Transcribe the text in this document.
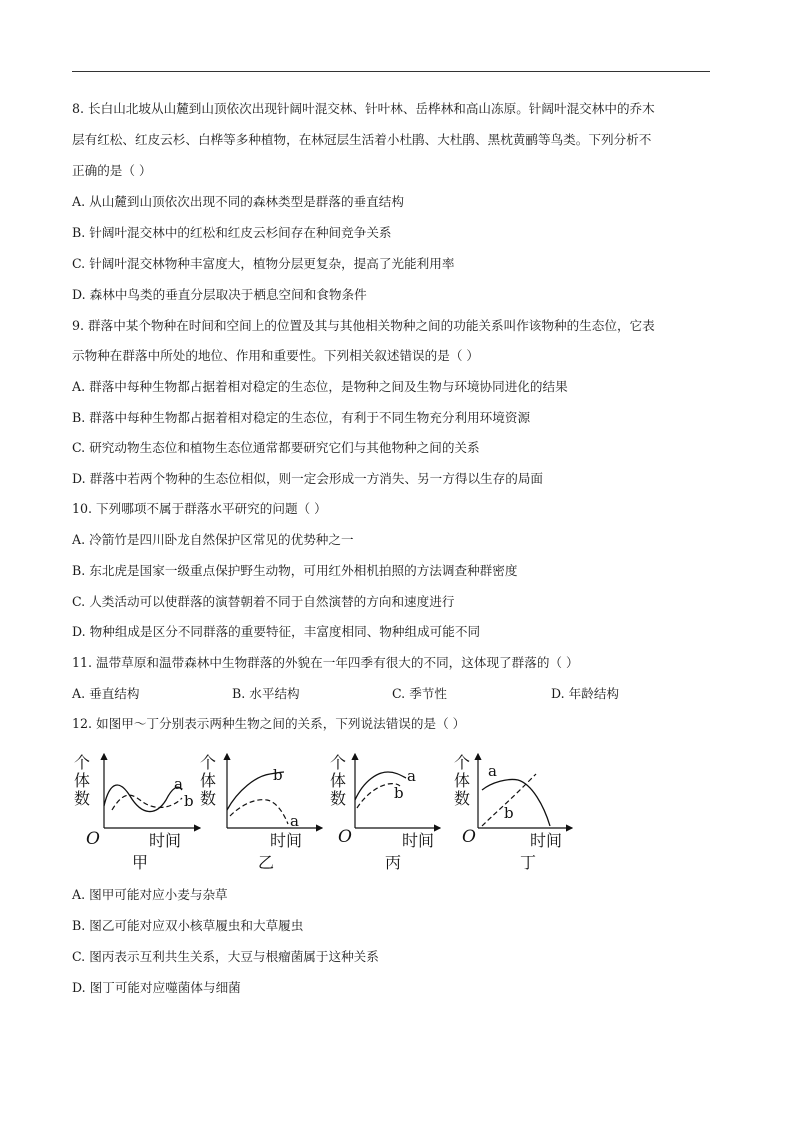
8. 长白山北坡从山麓到山顶依次出现针阔叶混交林、针叶林、岳桦林和高山冻原。针阔叶混交林中的乔木
层有红松、红皮云杉、白桦等多种植物，在林冠层生活着小杜鹃、大杜鹃、黑枕黄鹂等鸟类。下列分析不
正确的是（ ）
A. 从山麓到山顶依次出现不同的森林类型是群落的垂直结构
B. 针阔叶混交林中的红松和红皮云杉间存在种间竞争关系
C. 针阔叶混交林物种丰富度大，植物分层更复杂，提高了光能利用率
D. 森林中鸟类的垂直分层取决于栖息空间和食物条件
9. 群落中某个物种在时间和空间上的位置及其与其他相关物种之间的功能关系叫作该物种的生态位，它表
示物种在群落中所处的地位、作用和重要性。下列相关叙述错误的是（ ）
A. 群落中每种生物都占据着相对稳定的生态位，是物种之间及生物与环境协同进化的结果
B. 群落中每种生物都占据着相对稳定的生态位，有利于不同生物充分利用环境资源
C. 研究动物生态位和植物生态位通常都要研究它们与其他物种之间的关系
D. 群落中若两个物种的生态位相似，则一定会形成一方消失、另一方得以生存的局面
10. 下列哪项不属于群落水平研究的问题（ ）
A. 冷箭竹是四川卧龙自然保护区常见的优势种之一
B. 东北虎是国家一级重点保护野生动物，可用红外相机拍照的方法调查种群密度
C. 人类活动可以使群落的演替朝着不同于自然演替的方向和速度进行
D. 物种组成是区分不同群落的重要特征，丰富度相同、物种组成可能不同
11. 温带草原和温带森林中生物群落的外貌在一年四季有很大的不同，这体现了群落的（ ）
A. 垂直结构	B. 水平结构	C. 季节性	D. 年龄结构
12. 如图甲～丁分别表示两种生物之间的关系，下列说法错误的是（ ）
个
体
数
O	时间
甲
a
b
个
体
数
时间
乙
b
a
个
体
数
O	时间
丙
a
b
个
体
数
O	时间
丁
a
b
A. 图甲可能对应小麦与杂草
B. 图乙可能对应双小核草履虫和大草履虫
C. 图丙表示互利共生关系，大豆与根瘤菌属于这种关系
D. 图丁可能对应噬菌体与细菌
